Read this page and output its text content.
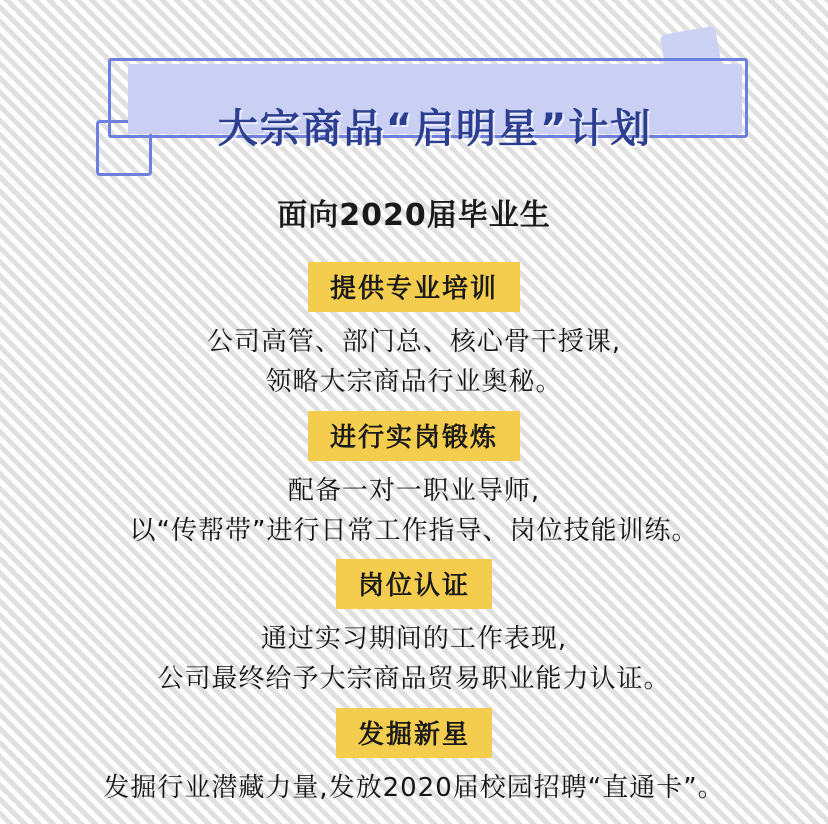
大宗商品“启明星”计划
面向2020届毕业生
提供专业培训
公司高管、部门总、核心骨干授课,
领略大宗商品行业奥秘。
进行实岗锻炼
配备一对一职业导师,
以“传帮带”进行日常工作指导、岗位技能训练。
岗位认证
通过实习期间的工作表现,
公司最终给予大宗商品贸易职业能力认证。
发掘新星
发掘行业潜藏力量,发放2020届校园招聘“直通卡”。
